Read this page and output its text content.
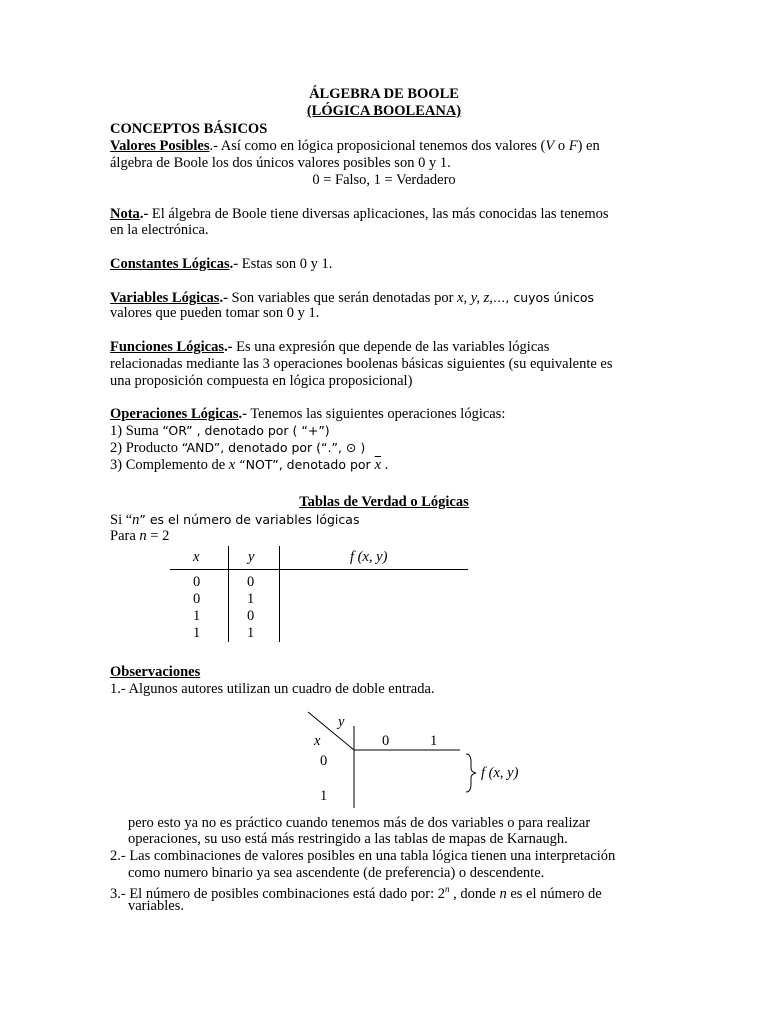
ÁLGEBRA DE BOOLE
(LÓGICA BOOLEANA)
CONCEPTOS BÁSICOS
Valores Posibles.- Así como en lógica proposicional tenemos dos valores (V o F) en
álgebra de Boole los dos únicos valores posibles son 0 y 1.
0 = Falso, 1 = Verdadero
Nota.- El álgebra de Boole tiene diversas aplicaciones, las más conocidas las tenemos
en la electrónica.
Constantes Lógicas.- Estas son 0 y 1.
Variables Lógicas.- Son variables que serán denotadas por x, y, z,…, cuyos únicos
valores que pueden tomar son 0 y 1.
Funciones Lógicas.- Es una expresión que depende de las variables lógicas
relacionadas mediante las 3 operaciones boolenas básicas siguientes (su equivalente es
una proposición compuesta en lógica proposicional)
Operaciones Lógicas.- Tenemos las siguientes operaciones lógicas:
1) Suma “OR” , denotado por ( “+”)
2) Producto “AND”, denotado por (“.”, ⊙ )
3) Complemento de x “NOT”, denotado por $\overline{x}$ .
Tablas de Verdad o Lógicas
Si “n” es el número de variables lógicas
Para n = 2
x	y	f (x, y)
0	0
0	1
1	0
1	1
Observaciones
1.- Algunos autores utilizan un cuadro de doble entrada.
y
x	0	1
0
1
f (x, y)
pero esto ya no es práctico cuando tenemos más de dos variables o para realizar
operaciones, su uso está más restringido a las tablas de mapas de Karnaugh.
2.- Las combinaciones de valores posibles en una tabla lógica tienen una interpretación
como numero binario ya sea ascendente (de preferencia) o descendente.
3.- El número de posibles combinaciones está dado por: 2$^n$ , donde n es el número de
variables.
